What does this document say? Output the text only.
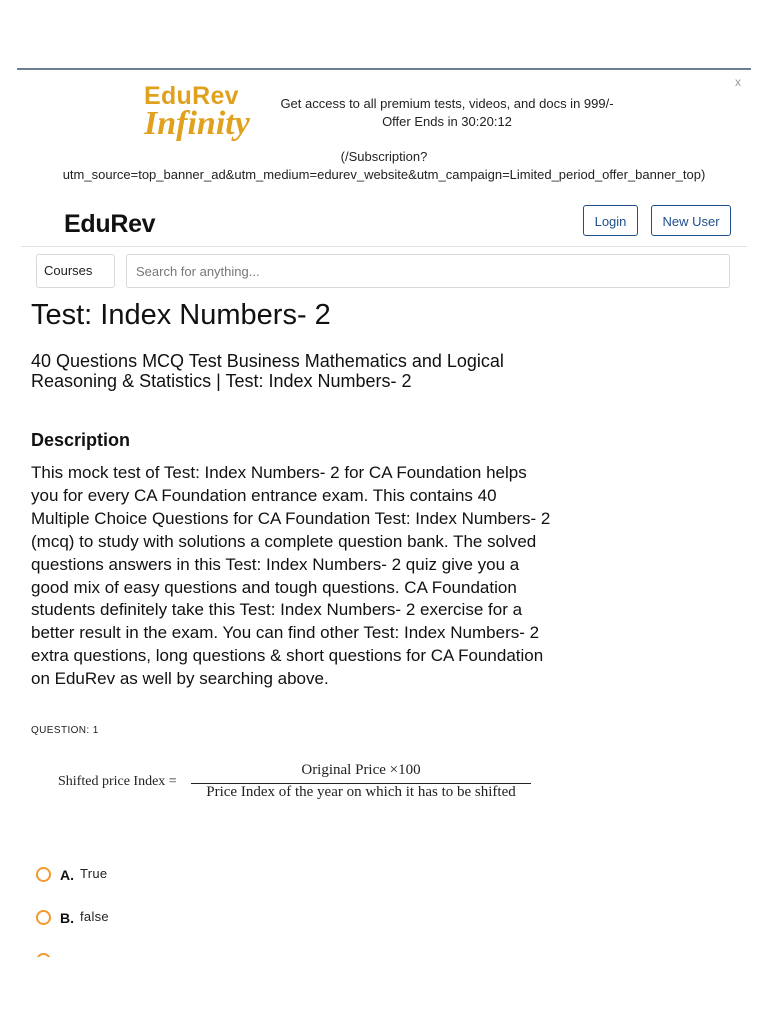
x
EduRev
Infinity
Get access to all premium tests, videos, and docs in 999/-
Offer Ends in 30:20:12
(/Subscription?
utm_source=top_banner_ad&utm_medium=edurev_website&utm_campaign=Limited_period_offer_banner_top)
EduRev	Login	New User
Courses
Search for anything...
Test: Index Numbers- 2
40 Questions MCQ Test Business Mathematics and Logical Reasoning & Statistics | Test: Index Numbers- 2
Description

This mock test of Test: Index Numbers- 2 for CA Foundation helps you for every CA Foundation entrance exam. This contains 40 Multiple Choice Questions for CA Foundation Test: Index Numbers- 2 (mcq) to study with solutions a complete question bank. The solved questions answers in this Test: Index Numbers- 2 quiz give you a good mix of easy questions and tough questions. CA Foundation students definitely take this Test: Index Numbers- 2 exercise for a better result in the exam. You can find other Test: Index Numbers- 2 extra questions, long questions & short questions for CA Foundation on EduRev as well by searching above.

QUESTION: 1
Shifted price Index =
Original Price ×100
Price Index of the year on which it has to be shifted
A. True
B. false
